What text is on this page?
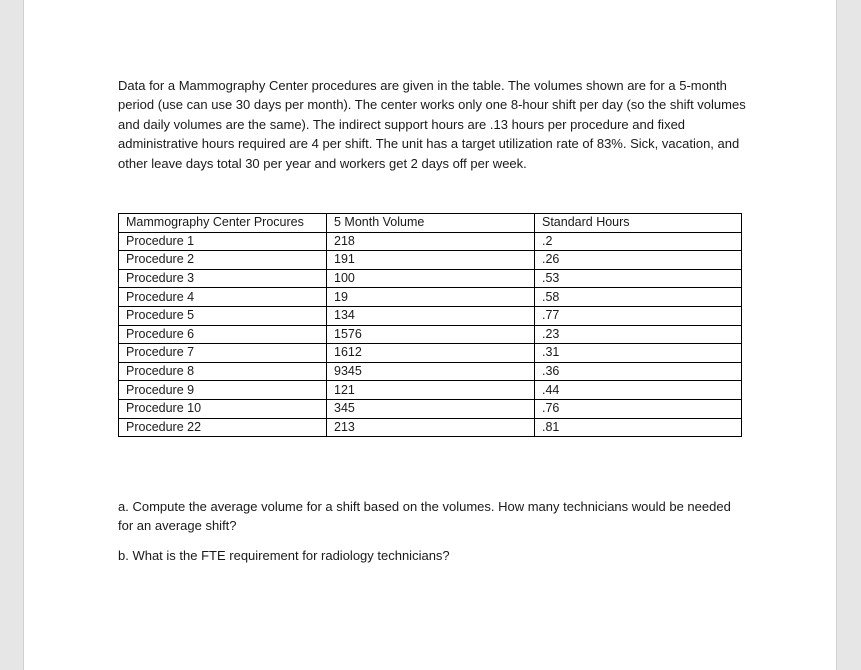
Data for a Mammography Center procedures are given in the table. The volumes shown are for a 5-month period (use can use 30 days per month). The center works only one 8-hour shift per day (so the shift volumes and daily volumes are the same). The indirect support hours are .13 hours per procedure and fixed administrative hours required are 4 per shift. The unit has a target utilization rate of 83%. Sick, vacation, and other leave days total 30 per year and workers get 2 days off per week.

Mammography Center Procures	5 Month Volume	Standard Hours
Procedure 1	218	.2
Procedure 2	191	.26
Procedure 3	100	.53
Procedure 4	19	.58
Procedure 5	134	.77
Procedure 6	1576	.23
Procedure 7	1612	.31
Procedure 8	9345	.36
Procedure 9	121	.44
Procedure 10	345	.76
Procedure 22	213	.81

a. Compute the average volume for a shift based on the volumes. How many technicians would be needed for an average shift?

b. What is the FTE requirement for radiology technicians?
